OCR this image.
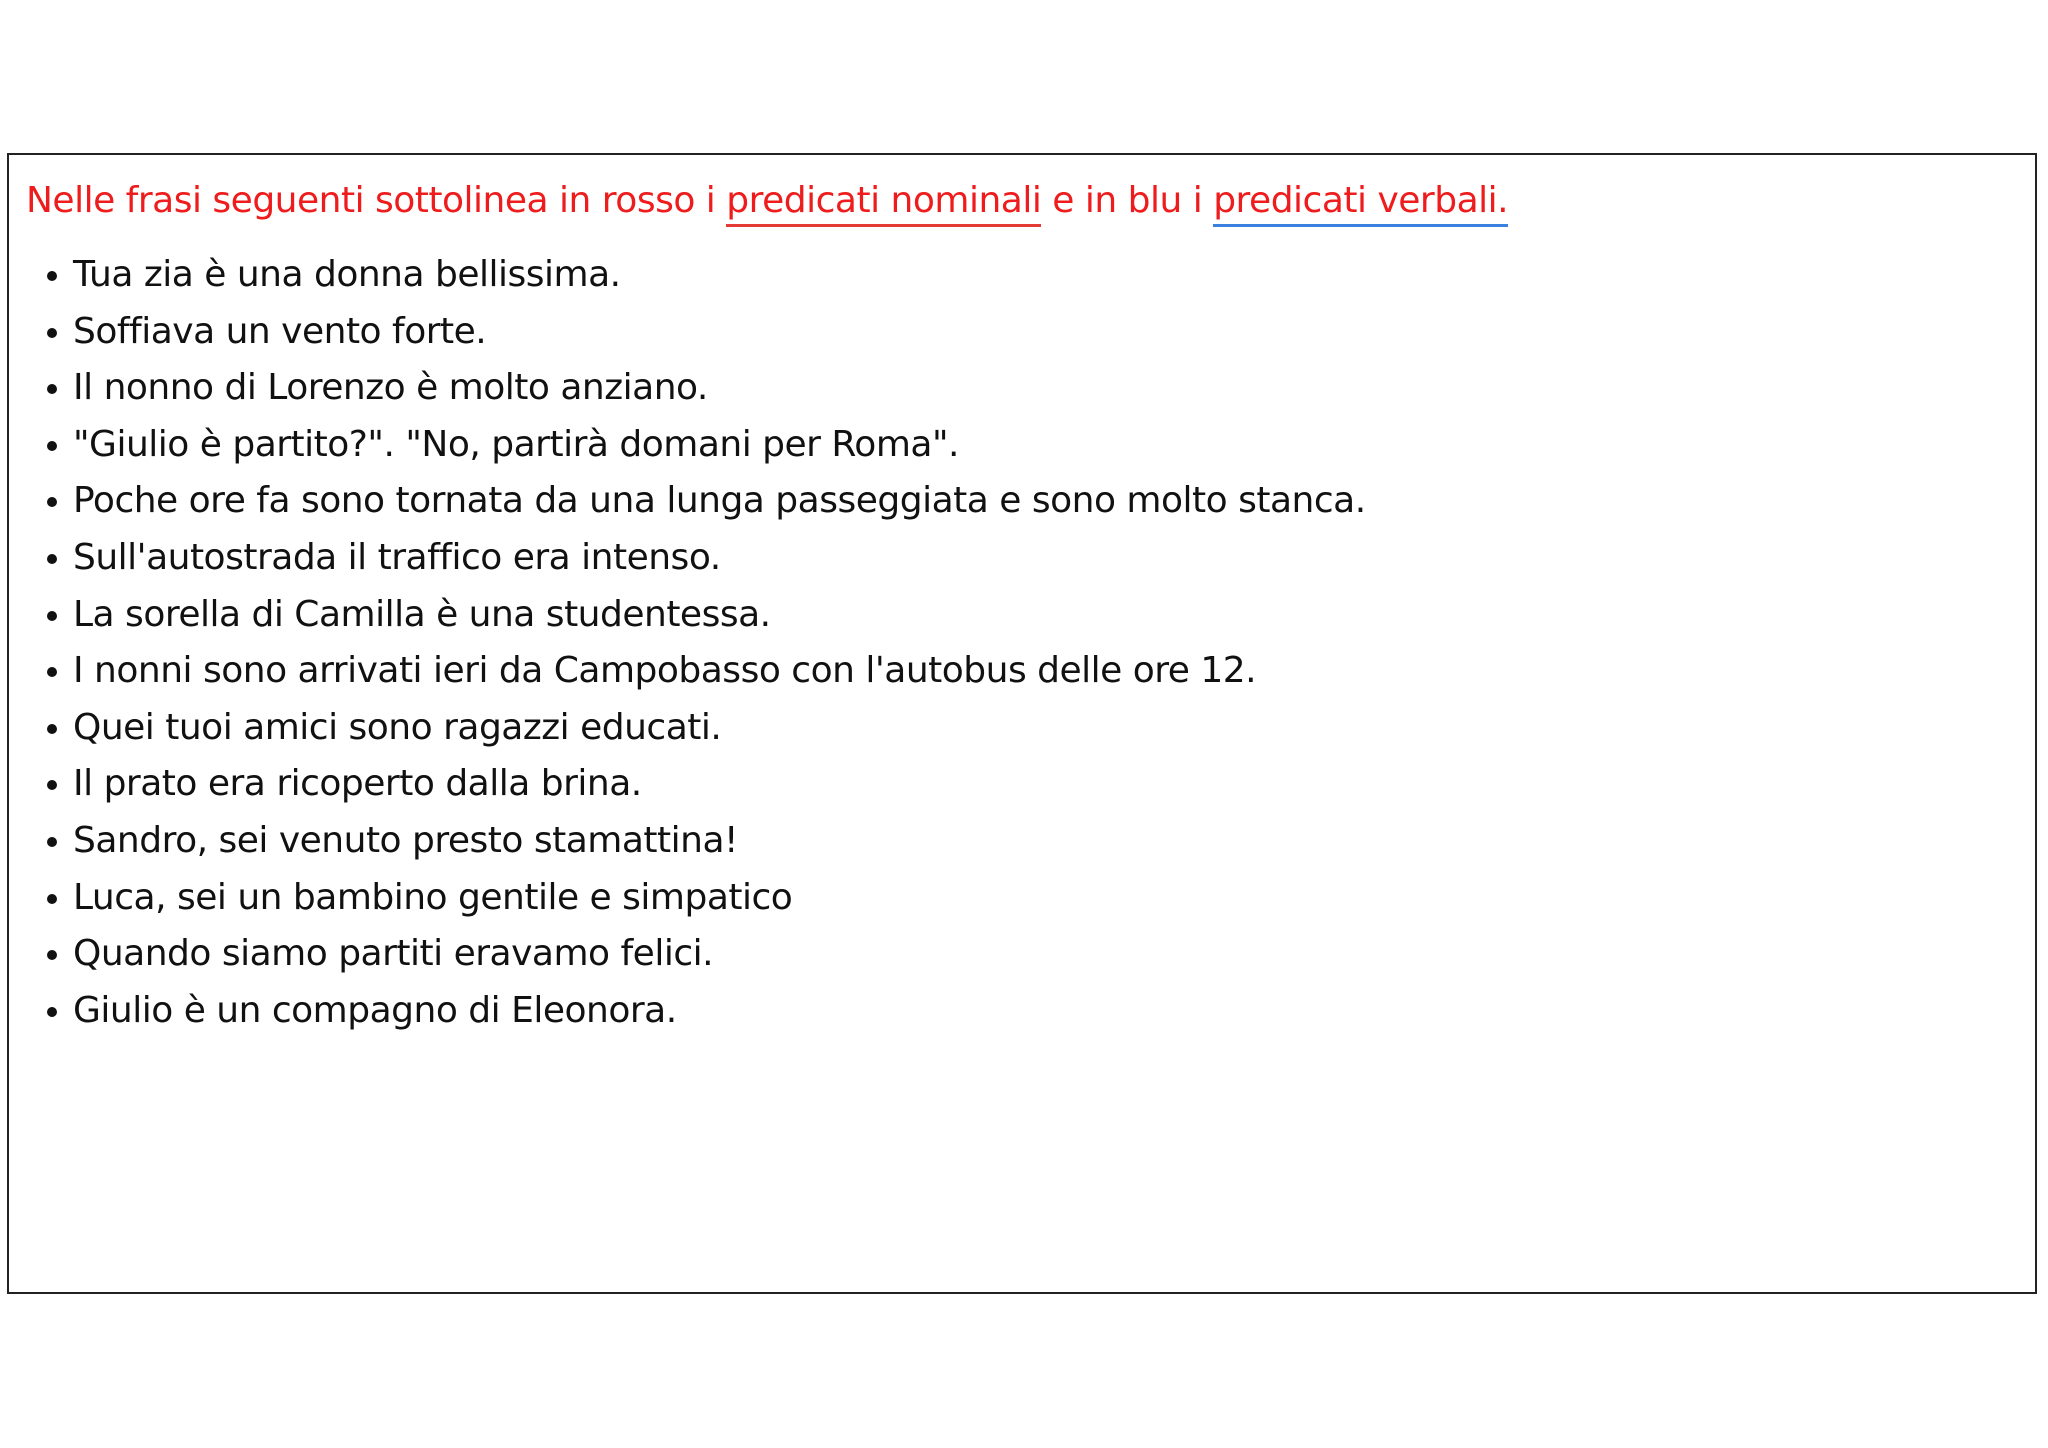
Nelle frasi seguenti sottolinea in rosso i predicati nominali e in blu i predicati verbali.

Tua zia è una donna bellissima.
Soffiava un vento forte.
Il nonno di Lorenzo è molto anziano.
"Giulio è partito?". "No, partirà domani per Roma".
Poche ore fa sono tornata da una lunga passeggiata e sono molto stanca.
Sull'autostrada il traffico era intenso.
La sorella di Camilla è una studentessa.
I nonni sono arrivati ieri da Campobasso con l'autobus delle ore 12.
Quei tuoi amici sono ragazzi educati.
Il prato era ricoperto dalla brina.
Sandro, sei venuto presto stamattina!
Luca, sei un bambino gentile e simpatico
Quando siamo partiti eravamo felici.
Giulio è un compagno di Eleonora.
